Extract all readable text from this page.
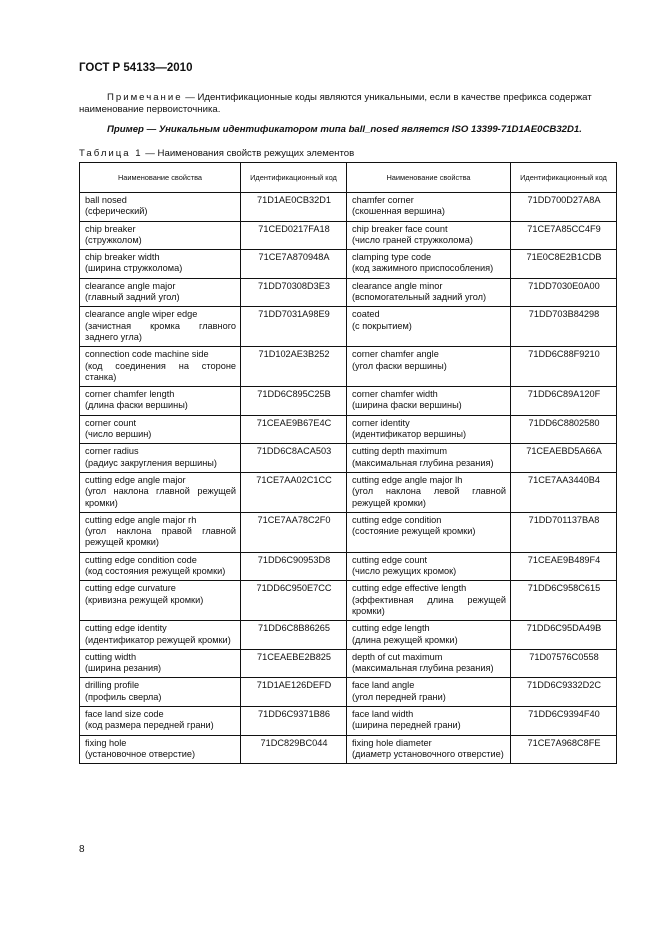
ГОСТ Р 54133—2010
Примечание — Идентификационные коды являются уникальными, если в качестве префикса содержат наименование первоисточника.
Пример — Уникальным идентификатором типа ball_nosed является ISO 13399-71D1AE0CB32D1.
Таблица 1 — Наименования свойств режущих элементов
Наименование свойства	Идентификационный код	Наименование свойства	Идентификационный код

ball nosed
(сферический)	71D1AE0CB32D1	chamfer corner
(скошенная вершина)	71DD700D27A8A

chip breaker
(стружколом)	71CED0217FA18	chip breaker face count
(число граней стружколома)	71CE7A85CC4F9

chip breaker width
(ширина стружколома)	71CE7A870948A	clamping type code
(код зажимного приспособления)	71E0C8E2B1CDB

clearance angle major
(главный задний угол)	71DD70308D3E3	clearance angle minor
(вспомогательный задний угол)	71DD7030E0A00

clearance angle wiper edge
(зачистная кромка главного заднего угла)	71DD7031A98E9	coated
(с покрытием)	71DD703B84298

connection code machine side
(код соединения на стороне станка)	71D102AE3B252	corner chamfer angle
(угол фаски вершины)	71DD6C88F9210

corner chamfer length
(длина фаски вершины)	71DD6C895C25B	corner chamfer width
(ширина фаски вершины)	71DD6C89A120F

corner count
(число вершин)	71CEAE9B67E4C	corner identity
(идентификатор вершины)	71DD6C8802580

corner radius
(радиус закругления вершины)	71DD6C8ACA503	cutting depth maximum
(максимальная глубина резания)	71CEAEBD5A66A

cutting edge angle major
(угол наклона главной режущей кромки)	71CE7AA02C1CC	cutting edge angle major lh
(угол наклона левой главной режущей кромки)	71CE7AA3440B4

cutting edge angle major rh
(угол наклона правой главной режущей кромки)	71CE7AA78C2F0	cutting edge condition
(состояние режущей кромки)	71DD701137BA8

cutting edge condition code
(код состояния режущей кромки)	71DD6C90953D8	cutting edge count
(число режущих кромок)	71CEAE9B489F4

cutting edge curvature
(кривизна режущей кромки)	71DD6C950E7CC	cutting edge effective length
(эффективная длина режущей кромки)	71DD6C958C615

cutting edge identity
(идентификатор режущей кромки)	71DD6C8B86265	cutting edge length
(длина режущей кромки)	71DD6C95DA49B

cutting width
(ширина резания)	71CEAEBE2B825	depth of cut maximum
(максимальная глубина резания)	71D07576C0558

drilling profile
(профиль сверла)	71D1AE126DEFD	face land angle
(угол передней грани)	71DD6C9332D2C

face land size code
(код размера передней грани)	71DD6C9371B86	face land width
(ширина передней грани)	71DD6C9394F40

fixing hole
(установочное отверстие)	71DC829BC044	fixing hole diameter
(диаметр установочного отверстие)	71CE7A968C8FE
8
